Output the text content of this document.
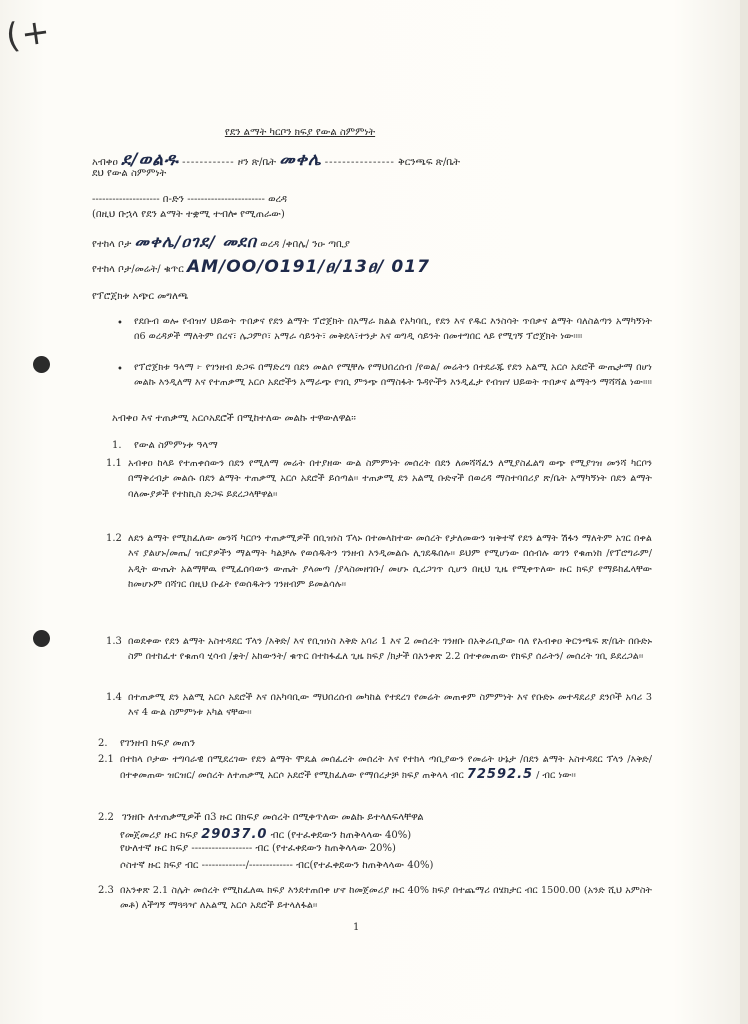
(+
የደን ልማት ካርቦን ክፍያ የውል ስምምነት
አብቀዐ ደ/ወልዱ ------------ ዞን ጽ/ቤት መቀሌ ---------------- ቅርንጫፍ ጽ/ቤት
ደህ የውል ስምምነት
-------------------- በ-ድን ----------------------- ወረዳ
(በዚህ ቡኋላ የደን ልማት ተቋሚ ተብሎ የሚጠራው)
የተከላ ቦታ መቀሌ/ዐገደ/ መደበ ወረዳ /ቀበሌ/ ንዑ ጣቢያ
የተከላ ቦታ/መሬት/ ቁጥር AM/OO/O191/ፀ/13ፀ/ 017
የፕሮጀክቱ አጭር መግለጫ
• የደቡብ ወሎ የብዝሃ ህይወት ጥበቃና የደን ልማት ፕሮጀክት በአማራ ክልል የአካባቢ, የደን እና የዱር እንስሳት ጥበቃና ልማት ባለስልጣን አማካኝነት በ6 ወረዳዎች ማለትም በረና፣ ሌጋምቦ፣ አማራ ሳይንት፣ መቅደላ፣ተንታ እና ወግዲ ሳይንት በመተግበር ላይ የሚገኝ ፕሮጀክት ነው።።
• የፕሮጀክቱ ዓላማ ፦ የገንዘብ ድጋፍ በማድረግ በደን መልሶ የሚቸሉ የማህበረሰብ /የወል/ መሬትን በተደራጁ የደን አልሚ አርሶ አደሮች ውጤታማ በሆነ መልኩ እንዲለማ እና የተጠቃሚ አርሶ አደሮችን አማራጭ የገቢ ምንጭ በማስፋት ጉዳዮችን እንዲፈታ የብዝሃ ህይወት ጥበቃና ልማትን ማሻሻል ነው።።
አብቀዐ እና ተጠቃሚ አርሶአደሮች በሚከተለው መልኩ ተዋውለዋል፡፡
1. የውል ስምምነቱ ዓላማ
1.1 አብቀዐ ከላይ የተጠቀሰውን በደን የሚለማ መሬት በተያዘው ውል ስምምነት መሰረት በደን ለመሻሻፈን ለሚያስፈልግ ወጭ የሚያገዝ መንሻ ካርቦን በማቅረብታ መልሱ በደን ልማት ተጠቃሚ አርሶ አደሮች ይሰጣል፡፡ ተጠቃሚ ደን አልሚ ቡድኖች በወረዳ ማስተባበሪያ ጽ/ቤት አማካኝነት በደን ልማት ባለሙያዎች የተከኪስ ድጋፍ ይደረጋላቸዋል፡፡
1.2 ለደን ልማት የሚከፈለው መንሻ ካርቦን ተጠቃሚዎች በቢዝነስ ፕላኑ በተመላከተው መሰረት የታለመውን ዝቅተኛ የደን ልማት ሽፋን ማለትም አገር በቀል እና ያልሆኑ/መጤ/ ዝርያዎችን ማልማት ካልቻሉ የወሰዱትን ገንዘብ እንዲመልሱ ሊገደዱበሉ፡፡ ይህም የሚሆነው በሰብሉ ወገን የቁጠነከ /የፕሮግራም/አዲት ውጤት አልማቸዉ የሚፈሰባውን ውጤት ያላመጣ /ያላስመዘገቡ/ መሆኑ ሲረጋገጥ ሲሆን በዚህ ጊዜ የሚቀጥለው ዙር ክፍያ የማይከፈላቸው ከመሆኑም በሻገር በዚህ ቡፊት የወሰዱትን ገንዘብም ይመልሳሉ፡፡
1.3 በወደቀው የደን ልማት አስተዳደር ፕላን /እቅድ/ እና የቢዝነስ እቅድ አባሪ 1 እና 2 መሰረት ገንዘቡ በአቅራቢያው ባለ የአብቀዐ ቅርንጫፍ ጽ/ቤት በቡድኑ ስም በተከፈተ የቁጠባ ሂሳብ /ቋት/ አከውንት/ ቁጥር በተከፋፈለ ጊዜ ክፍያ /ክታች በአንቀጽ 2.2 በተቀመጠው የክፍያ ሰራትን/ መሰረት ገቢ ይደረጋል፡፡
1.4 በተጠቃሚ ደን አልሚ አርሶ አደሮች እና በአካባቢው ማህበረሰብ መካከል የተደረገ የመሬት መጠቀም ስምምነት እና የቡድኑ መተዳደሪያ ደንቦች አባሪ 3 እና 4 ውል ስምምነቱ አካል ናቸው፡፡
2. የገንዘብ ክፍያ መጠን
2.1 በተከላ ቦታው ተግባራዊ በሚደረገው የደን ልማት ሞዴል መሰፈረት መሰረት እና የተከላ ጣቢያውን የመሬት ሁኔታ /በደን ልማት አስተዳደር ፕላን /እቅድ/ በተቀመጠው ዝርዝር/ መሰረት ለተጠቃሚ አርሶ አደሮች የሚከፈለው የማበረታቻ ክፍያ ጠቅላላ ብር 72592.5 / ብር ነው፡፡
2.2 ገንዘቡ ለተጠቃሚዎች በ3 ዙር በክፍያ መሰረት በሚቀጥለው መልኩ ይተላለፍላቸዋል
የመጀመሪያ ዙር ክፍያ 29037.0 ብር (የተፈቀደውን ከጠቅላላው 40%)
የሁለተኛ ዙር ክፍያ ------------------ ብር (የተፈቀደውን ከጠቅላላው 20%)
ሶስተኛ ዙር ክፍያ ብር -------------/------------- ብር(የተፈቀደውን ከጠቅላላው 40%)
2.3 በአንቀጽ 2.1 ስሌት መሰረት የሚከፈለዉ ክፍያ እንደተጠበቀ ሆኖ ከመጀመሪያ ዙር 40% ክፍያ በተጨማሪ በሄክታር ብር 1500.00 (አንድ ሺህ አምስት መቶ) ለችግኝ ማጓጓዣ ለአልሚ አርሶ አደሮች ይተላለፋል፡፡
1
